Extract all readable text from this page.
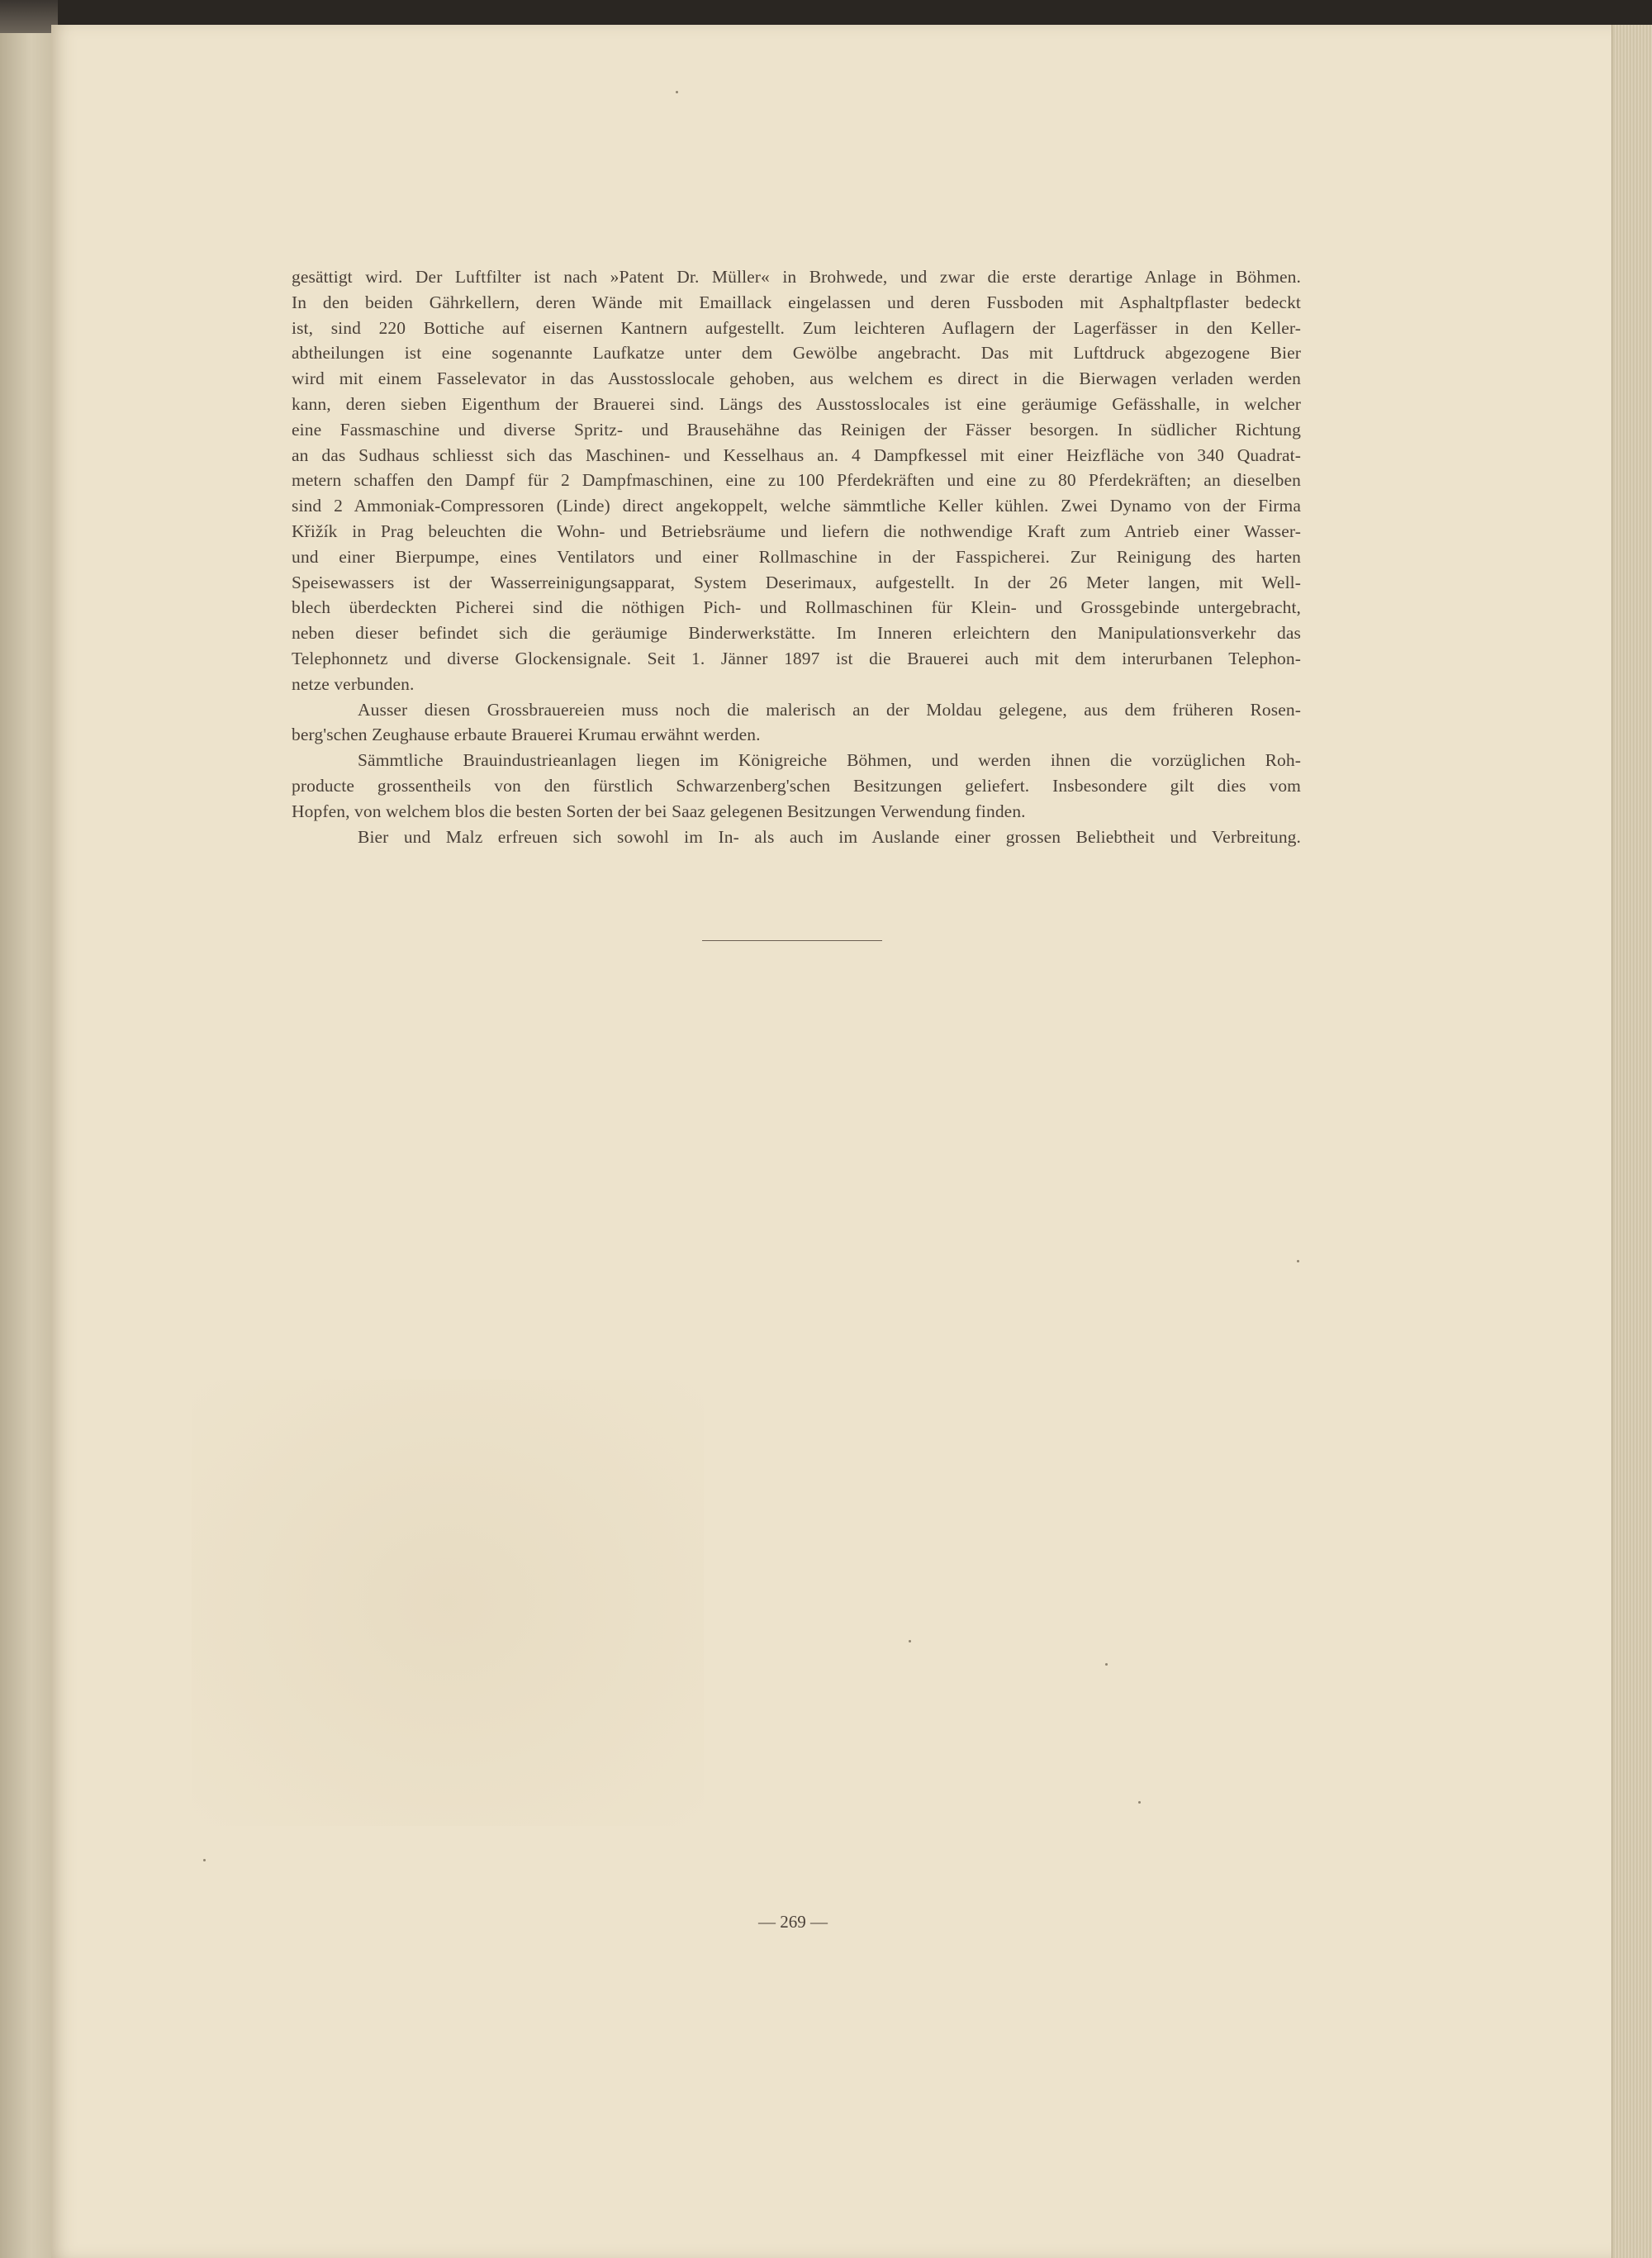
gesättigt wird. Der Luftfilter ist nach »Patent Dr. Müller« in Brohwede, und zwar die erste derartige Anlage in Böhmen.
In den beiden Gährkellern, deren Wände mit Emaillack eingelassen und deren Fussboden mit Asphaltpflaster bedeckt
ist, sind 220 Bottiche auf eisernen Kantnern aufgestellt. Zum leichteren Auflagern der Lagerfässer in den Keller-
abtheilungen ist eine sogenannte Laufkatze unter dem Gewölbe angebracht. Das mit Luftdruck abgezogene Bier
wird mit einem Fasselevator in das Ausstosslocale gehoben, aus welchem es direct in die Bierwagen verladen werden
kann, deren sieben Eigenthum der Brauerei sind. Längs des Ausstosslocales ist eine geräumige Gefässhalle, in welcher
eine Fassmaschine und diverse Spritz- und Brausehähne das Reinigen der Fässer besorgen. In südlicher Richtung
an das Sudhaus schliesst sich das Maschinen- und Kesselhaus an. 4 Dampfkessel mit einer Heizfläche von 340 Quadrat-
metern schaffen den Dampf für 2 Dampfmaschinen, eine zu 100 Pferdekräften und eine zu 80 Pferdekräften; an dieselben
sind 2 Ammoniak-Compressoren (Linde) direct angekoppelt, welche sämmtliche Keller kühlen. Zwei Dynamo von der Firma
Křižík in Prag beleuchten die Wohn- und Betriebsräume und liefern die nothwendige Kraft zum Antrieb einer Wasser-
und einer Bierpumpe, eines Ventilators und einer Rollmaschine in der Fasspicherei. Zur Reinigung des harten
Speisewassers ist der Wasserreinigungsapparat, System Deserimaux, aufgestellt. In der 26 Meter langen, mit Well-
blech überdeckten Picherei sind die nöthigen Pich- und Rollmaschinen für Klein- und Grossgebinde untergebracht,
neben dieser befindet sich die geräumige Binderwerkstätte. Im Inneren erleichtern den Manipulationsverkehr das
Telephonnetz und diverse Glockensignale. Seit 1. Jänner 1897 ist die Brauerei auch mit dem interurbanen Telephon-
netze verbunden.
Ausser diesen Grossbrauereien muss noch die malerisch an der Moldau gelegene, aus dem früheren Rosen-
berg'schen Zeughause erbaute Brauerei Krumau erwähnt werden.
Sämmtliche Brauindustrieanlagen liegen im Königreiche Böhmen, und werden ihnen die vorzüglichen Roh-
producte grossentheils von den fürstlich Schwarzenberg'schen Besitzungen geliefert. Insbesondere gilt dies vom
Hopfen, von welchem blos die besten Sorten der bei Saaz gelegenen Besitzungen Verwendung finden.
Bier und Malz erfreuen sich sowohl im In- als auch im Auslande einer grossen Beliebtheit und Verbreitung.
— 269 —
